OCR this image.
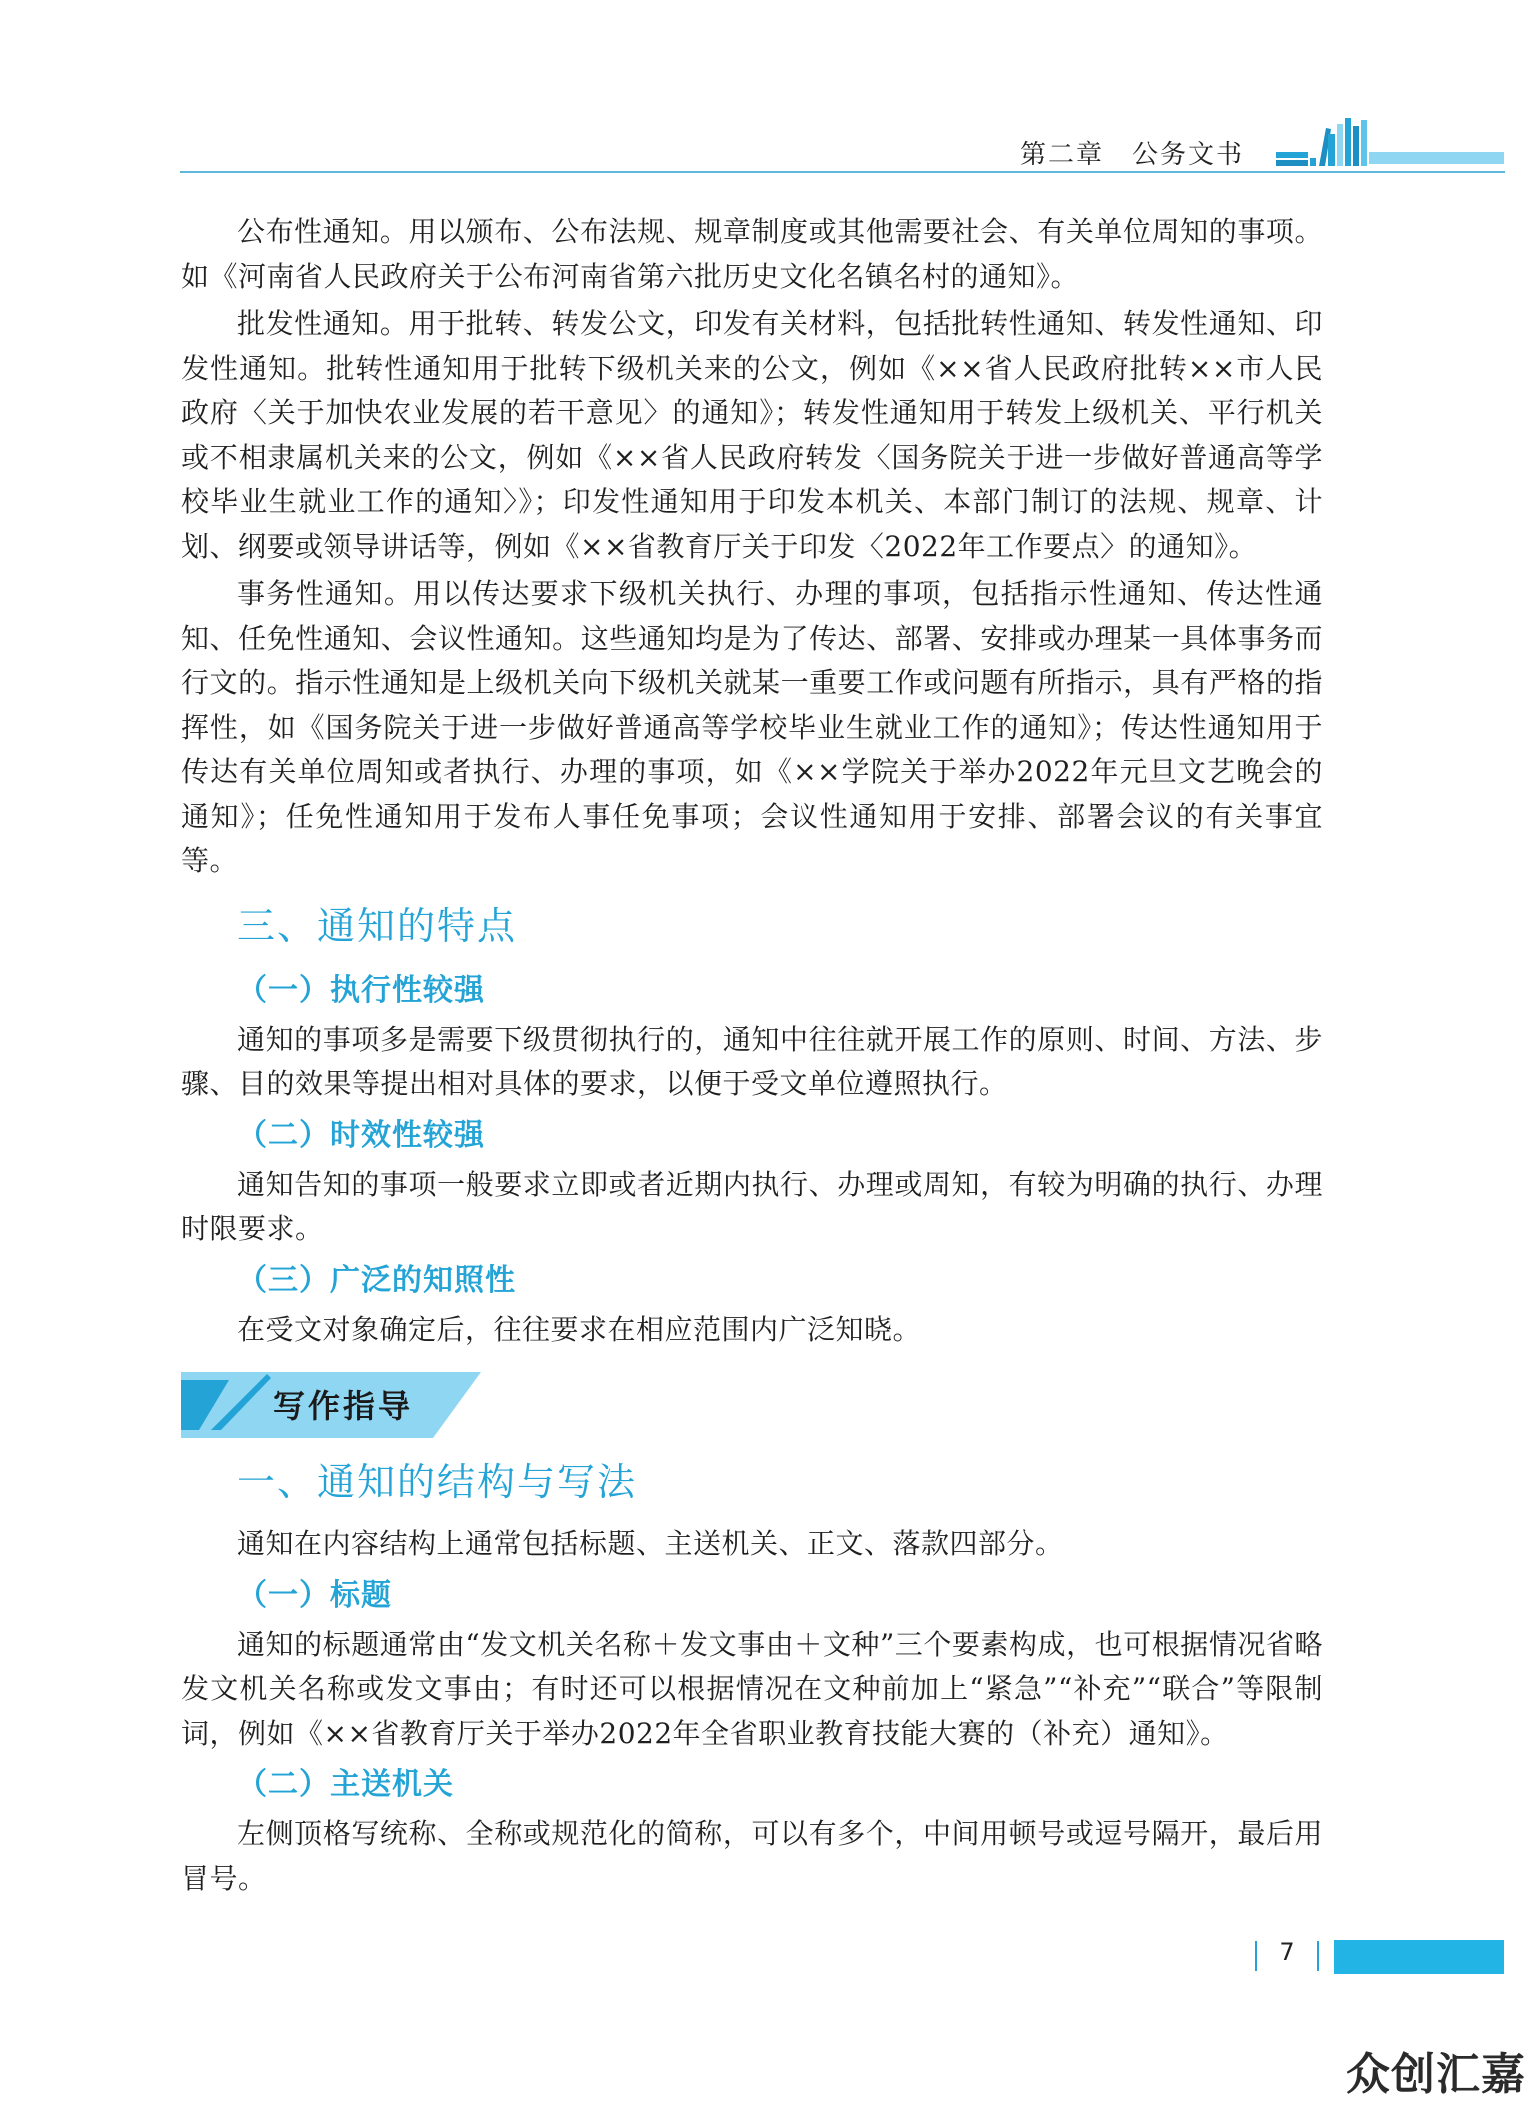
第二章　公务文书

公布性通知。用以颁布、公布法规、规章制度或其他需要社会、有关单位周知的事项。如《河南省人民政府关于公布河南省第六批历史文化名镇名村的通知》。

批发性通知。用于批转、转发公文，印发有关材料，包括批转性通知、转发性通知、印发性通知。批转性通知用于批转下级机关来的公文，例如《××省人民政府批转××市人民政府〈关于加快农业发展的若干意见〉的通知》；转发性通知用于转发上级机关、平行机关或不相隶属机关来的公文，例如《××省人民政府转发〈国务院关于进一步做好普通高等学校毕业生就业工作的通知〉》；印发性通知用于印发本机关、本部门制订的法规、规章、计划、纲要或领导讲话等，例如《××省教育厅关于印发〈2022年工作要点〉的通知》。

事务性通知。用以传达要求下级机关执行、办理的事项，包括指示性通知、传达性通知、任免性通知、会议性通知。这些通知均是为了传达、部署、安排或办理某一具体事务而行文的。指示性通知是上级机关向下级机关就某一重要工作或问题有所指示，具有严格的指挥性，如《国务院关于进一步做好普通高等学校毕业生就业工作的通知》；传达性通知用于传达有关单位周知或者执行、办理的事项，如《××学院关于举办2022年元旦文艺晚会的通知》；任免性通知用于发布人事任免事项；会议性通知用于安排、部署会议的有关事宜等。

三、通知的特点
（一）执行性较强

通知的事项多是需要下级贯彻执行的，通知中往往就开展工作的原则、时间、方法、步骤、目的效果等提出相对具体的要求，以便于受文单位遵照执行。

（二）时效性较强

通知告知的事项一般要求立即或者近期内执行、办理或周知，有较为明确的执行、办理时限要求。

（三）广泛的知照性

在受文对象确定后，往往要求在相应范围内广泛知晓。

写作指导
一、通知的结构与写法

通知在内容结构上通常包括标题、主送机关、正文、落款四部分。

（一）标题

通知的标题通常由“发文机关名称＋发文事由＋文种”三个要素构成，也可根据情况省略发文机关名称或发文事由；有时还可以根据情况在文种前加上“紧急”“补充”“联合”等限制词，例如《××省教育厅关于举办2022年全省职业教育技能大赛的（补充）通知》。

（二）主送机关

左侧顶格写统称、全称或规范化的简称，可以有多个，中间用顿号或逗号隔开，最后用冒号。

7
众创汇嘉
